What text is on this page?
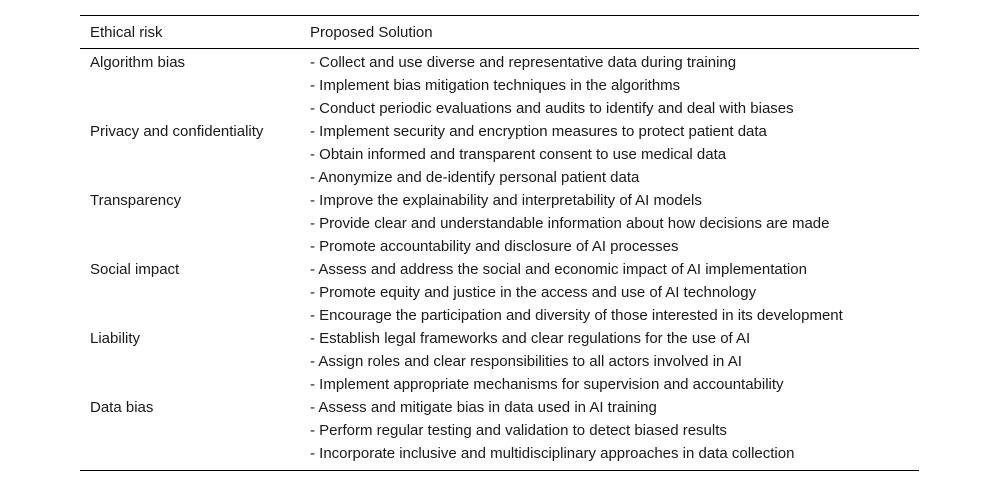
Ethical risk	Proposed Solution
Algorithm bias	- Collect and use diverse and representative data during training
- Implement bias mitigation techniques in the algorithms
- Conduct periodic evaluations and audits to identify and deal with biases
Privacy and confidentiality	- Implement security and encryption measures to protect patient data
- Obtain informed and transparent consent to use medical data
- Anonymize and de-identify personal patient data
Transparency	- Improve the explainability and interpretability of AI models
- Provide clear and understandable information about how decisions are made
- Promote accountability and disclosure of AI processes
Social impact	- Assess and address the social and economic impact of AI implementation
- Promote equity and justice in the access and use of AI technology
- Encourage the participation and diversity of those interested in its development
Liability	- Establish legal frameworks and clear regulations for the use of AI
- Assign roles and clear responsibilities to all actors involved in AI
- Implement appropriate mechanisms for supervision and accountability
Data bias	- Assess and mitigate bias in data used in AI training
- Perform regular testing and validation to detect biased results
- Incorporate inclusive and multidisciplinary approaches in data collection
